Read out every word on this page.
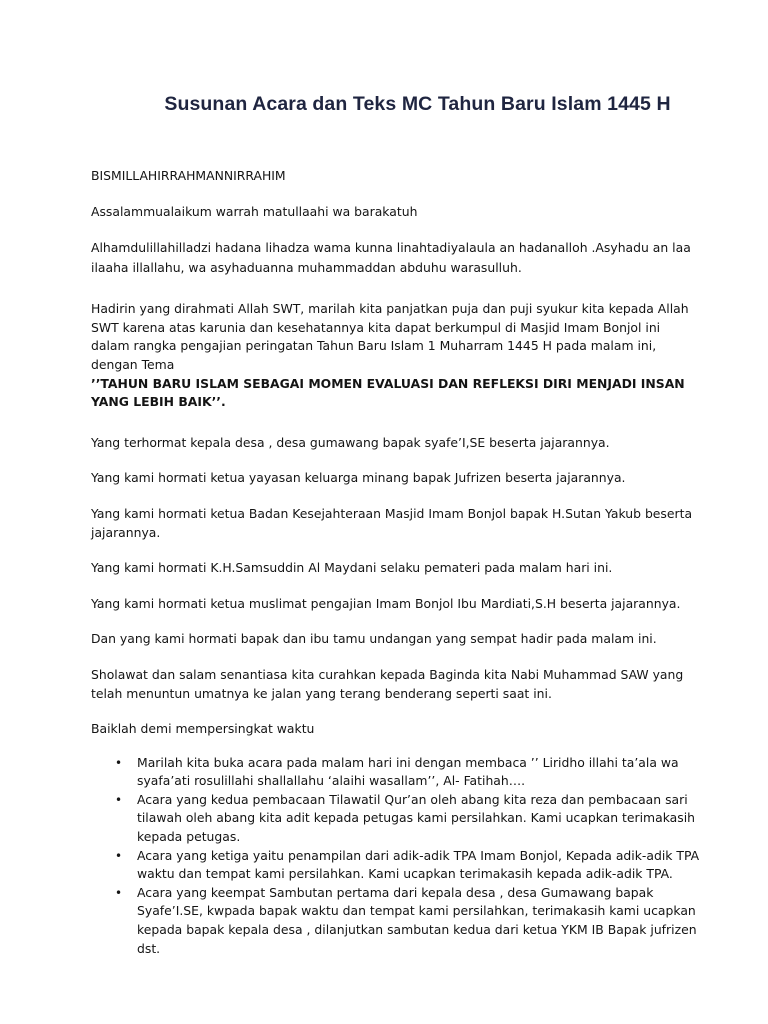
Susunan Acara dan Teks MC Tahun Baru Islam 1445 H

BISMILLAHIRRAHMANNIRRAHIM

Assalammualaikum warrah matullaahi wa barakatuh

Alhamdulillahilladzi hadana lihadza wama kunna linahtadiyalaula an hadanalloh .Asyhadu an laa ilaaha illallahu, wa asyhaduanna muhammaddan abduhu warasulluh.

Hadirin yang dirahmati Allah SWT, marilah kita panjatkan puja dan puji syukur kita kepada Allah SWT karena atas karunia dan kesehatannya kita dapat berkumpul di Masjid Imam Bonjol ini dalam rangka pengajian peringatan Tahun Baru Islam 1 Muharram 1445 H pada malam ini, dengan Tema

’’TAHUN BARU ISLAM SEBAGAI MOMEN EVALUASI DAN REFLEKSI DIRI MENJADI INSAN YANG LEBIH BAIK’’.

Yang terhormat kepala desa , desa gumawang bapak syafe’I,SE beserta jajarannya.

Yang kami hormati ketua yayasan keluarga minang bapak Jufrizen beserta jajarannya.

Yang kami hormati ketua Badan Kesejahteraan Masjid Imam Bonjol bapak H.Sutan Yakub beserta jajarannya.

Yang kami hormati K.H.Samsuddin Al Maydani selaku pemateri pada malam hari ini.

Yang kami hormati ketua muslimat pengajian Imam Bonjol Ibu Mardiati,S.H beserta jajarannya.

Dan yang kami hormati bapak dan ibu tamu undangan yang sempat hadir pada malam ini.

Sholawat dan salam senantiasa kita curahkan kepada Baginda kita Nabi Muhammad SAW yang telah menuntun umatnya ke jalan yang terang benderang seperti saat ini.

Baiklah demi mempersingkat waktu

• Marilah kita buka acara pada malam hari ini dengan membaca ’’ Liridho illahi ta’ala wa syafa’ati rosulillahi shallallahu ‘alaihi wasallam’’, Al- Fatihah….
• Acara yang kedua pembacaan Tilawatil Qur’an oleh abang kita reza dan pembacaan sari tilawah oleh abang kita adit kepada petugas kami persilahkan. Kami ucapkan terimakasih kepada petugas.
• Acara yang ketiga yaitu penampilan dari adik-adik TPA Imam Bonjol, Kepada adik-adik TPA waktu dan tempat kami persilahkan. Kami ucapkan terimakasih kepada adik-adik TPA.
• Acara yang keempat Sambutan pertama dari kepala desa , desa Gumawang bapak Syafe’I.SE, kwpada bapak waktu dan tempat kami persilahkan, terimakasih kami ucapkan kepada bapak kepala desa , dilanjutkan sambutan kedua dari ketua YKM IB Bapak jufrizen dst.
